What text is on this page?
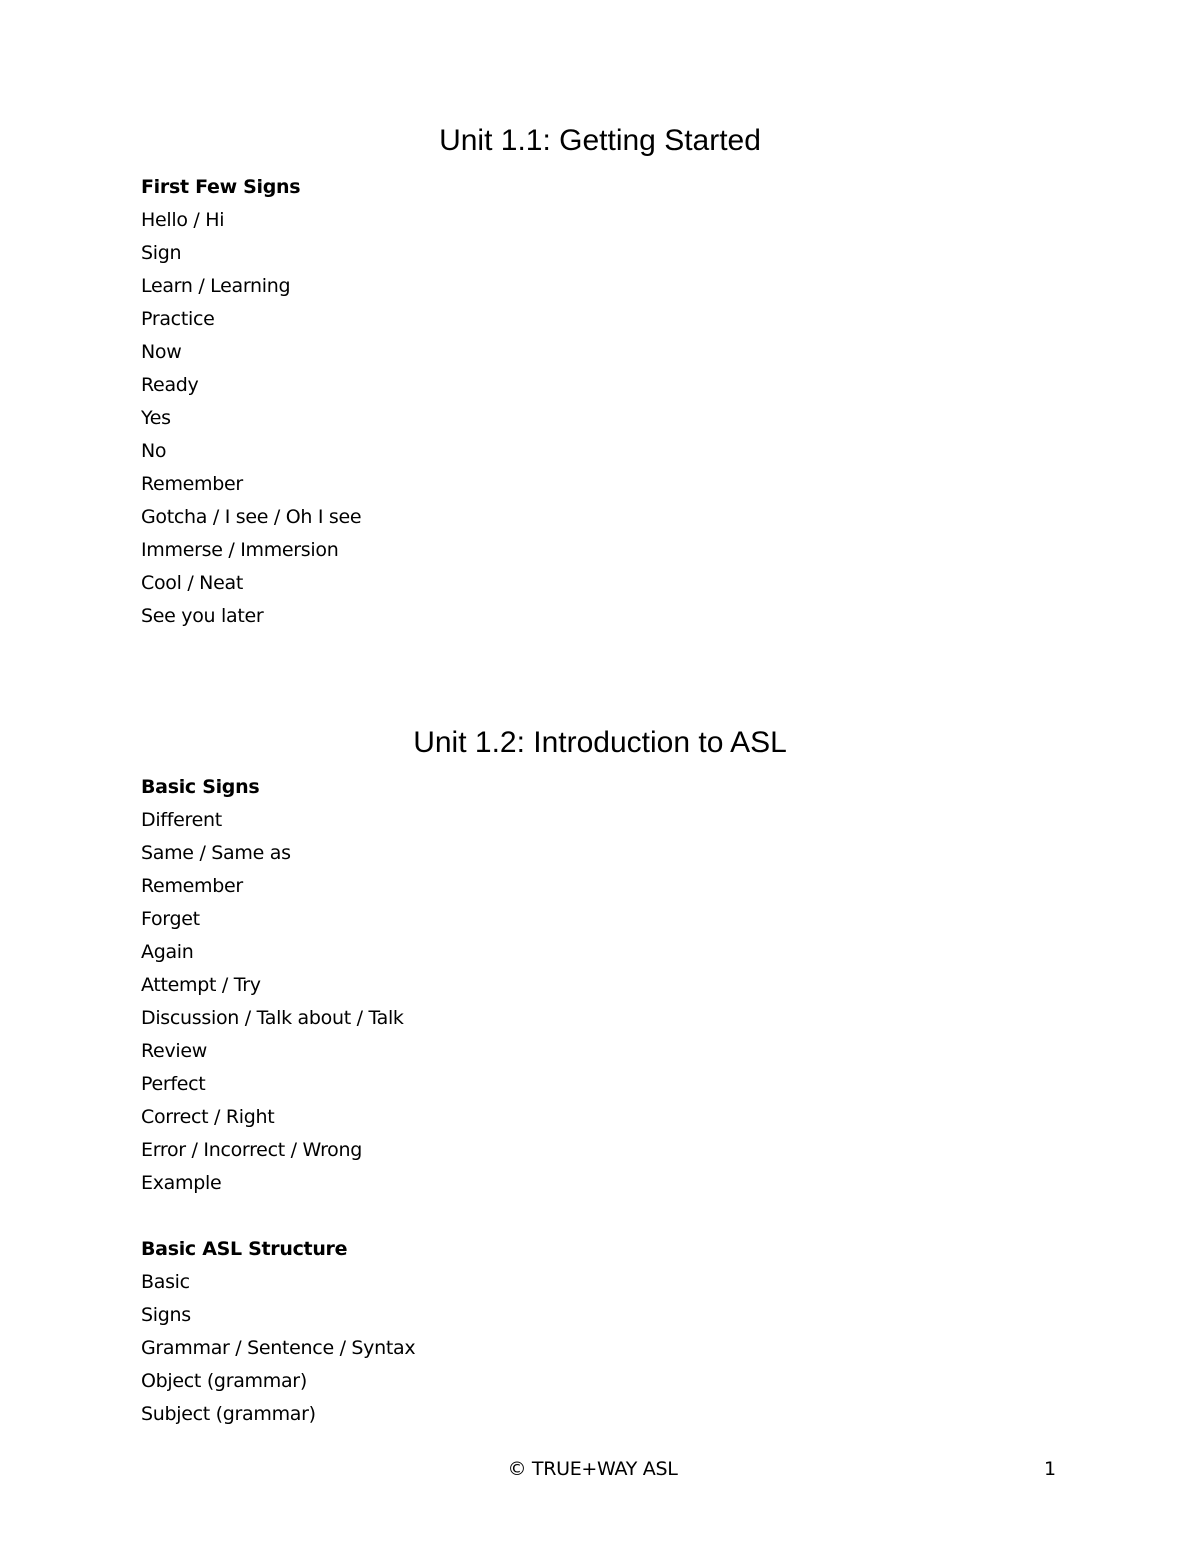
Unit 1.1: Getting Started
First Few Signs
Hello / Hi
Sign
Learn / Learning
Practice
Now
Ready
Yes
No
Remember
Gotcha / I see / Oh I see
Immerse / Immersion
Cool / Neat
See you later
Unit 1.2: Introduction to ASL
Basic Signs
Different
Same / Same as
Remember
Forget
Again
Attempt / Try
Discussion / Talk about / Talk
Review
Perfect
Correct / Right
Error / Incorrect / Wrong
Example
Basic ASL Structure
Basic
Signs
Grammar / Sentence / Syntax
Object (grammar)
Subject (grammar)
© TRUE+WAY ASL	1
